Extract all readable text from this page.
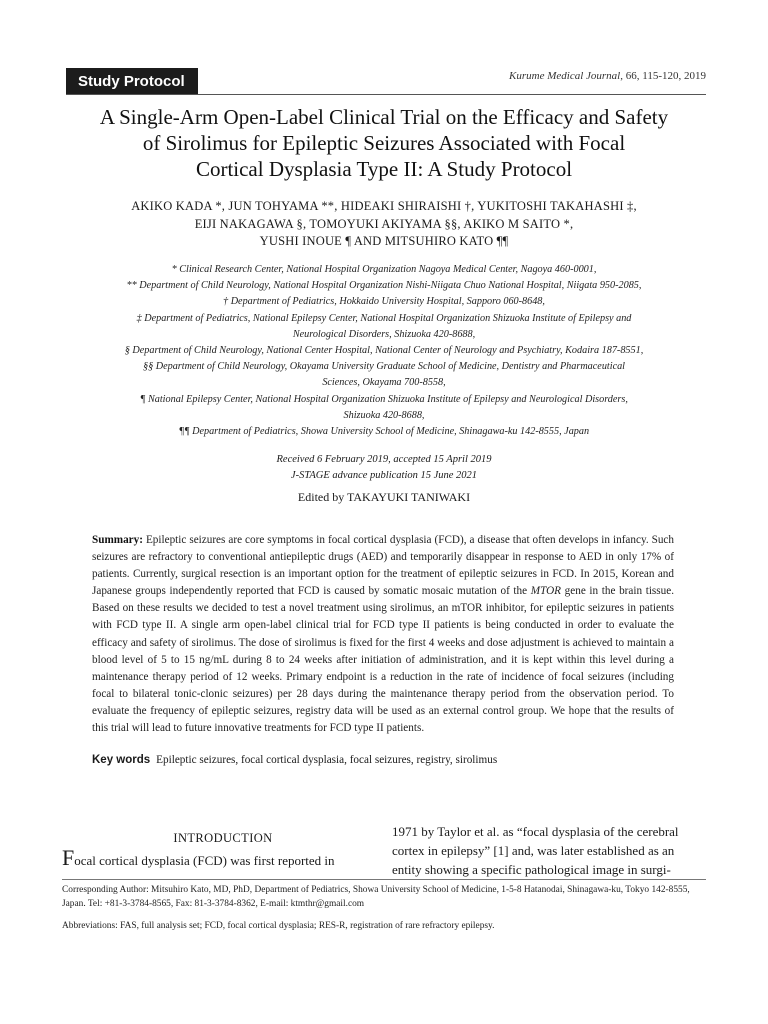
Study Protocol	Kurume Medical Journal, 66, 115-120, 2019
A Single-Arm Open-Label Clinical Trial on the Efficacy and Safety
of Sirolimus for Epileptic Seizures Associated with Focal
Cortical Dysplasia Type II: A Study Protocol
AKIKO KADA *, JUN TOHYAMA **, HIDEAKI SHIRAISHI †, YUKITOSHI TAKAHASHI ‡,
EIJI NAKAGAWA §, TOMOYUKI AKIYAMA §§, AKIKO M SAITO *,
YUSHI INOUE ¶ AND MITSUHIRO KATO ¶¶
* Clinical Research Center, National Hospital Organization Nagoya Medical Center, Nagoya 460-0001,
** Department of Child Neurology, National Hospital Organization Nishi-Niigata Chuo National Hospital, Niigata 950-2085,
† Department of Pediatrics, Hokkaido University Hospital, Sapporo 060-8648,
‡ Department of Pediatrics, National Epilepsy Center, National Hospital Organization Shizuoka Institute of Epilepsy and
Neurological Disorders, Shizuoka 420-8688,
§ Department of Child Neurology, National Center Hospital, National Center of Neurology and Psychiatry, Kodaira 187-8551,
§§ Department of Child Neurology, Okayama University Graduate School of Medicine, Dentistry and Pharmaceutical
Sciences, Okayama 700-8558,
¶ National Epilepsy Center, National Hospital Organization Shizuoka Institute of Epilepsy and Neurological Disorders,
Shizuoka 420-8688,
¶¶ Department of Pediatrics, Showa University School of Medicine, Shinagawa-ku 142-8555, Japan
Received 6 February 2019, accepted 15 April 2019
J-STAGE advance publication 15 June 2021
Edited by TAKAYUKI TANIWAKI
Summary: Epileptic seizures are core symptoms in focal cortical dysplasia (FCD), a disease that often develops in infancy. Such seizures are refractory to conventional antiepileptic drugs (AED) and temporarily disappear in response to AED in only 17% of patients. Currently, surgical resection is an important option for the treatment of epileptic seizures in FCD. In 2015, Korean and Japanese groups independently reported that FCD is caused by somatic mosaic mutation of the MTOR gene in the brain tissue. Based on these results we decided to test a novel treatment using sirolimus, an mTOR inhibitor, for epileptic seizures in patients with FCD type II. A single arm open-label clinical trial for FCD type II patients is being conducted in order to evaluate the efficacy and safety of sirolimus. The dose of sirolimus is fixed for the first 4 weeks and dose adjustment is achieved to maintain a blood level of 5 to 15 ng/mL during 8 to 24 weeks after initiation of administration, and it is kept within this level during a maintenance therapy period of 12 weeks. Primary endpoint is a reduction in the rate of incidence of focal seizures (including focal to bilateral tonic-clonic seizures) per 28 days during the maintenance therapy period from the observation period. To evaluate the frequency of epileptic seizures, registry data will be used as an external control group. We hope that the results of this trial will lead to future innovative treatments for FCD type II patients.
Key words Epileptic seizures, focal cortical dysplasia, focal seizures, registry, sirolimus
INTRODUCTION
Focal cortical dysplasia (FCD) was first reported in
1971 by Taylor et al. as “focal dysplasia of the cerebral
cortex in epilepsy” [1] and, was later established as an
entity showing a specific pathological image in surgi-
Corresponding Author: Mitsuhiro Kato, MD, PhD, Department of Pediatrics, Showa University School of Medicine, 1-5-8 Hatanodai, Shinagawa-ku, Tokyo 142-8555, Japan. Tel: +81-3-3784-8565, Fax: 81-3-3784-8362, E-mail: ktmthr@gmail.com
Abbreviations: FAS, full analysis set; FCD, focal cortical dysplasia; RES-R, registration of rare refractory epilepsy.
